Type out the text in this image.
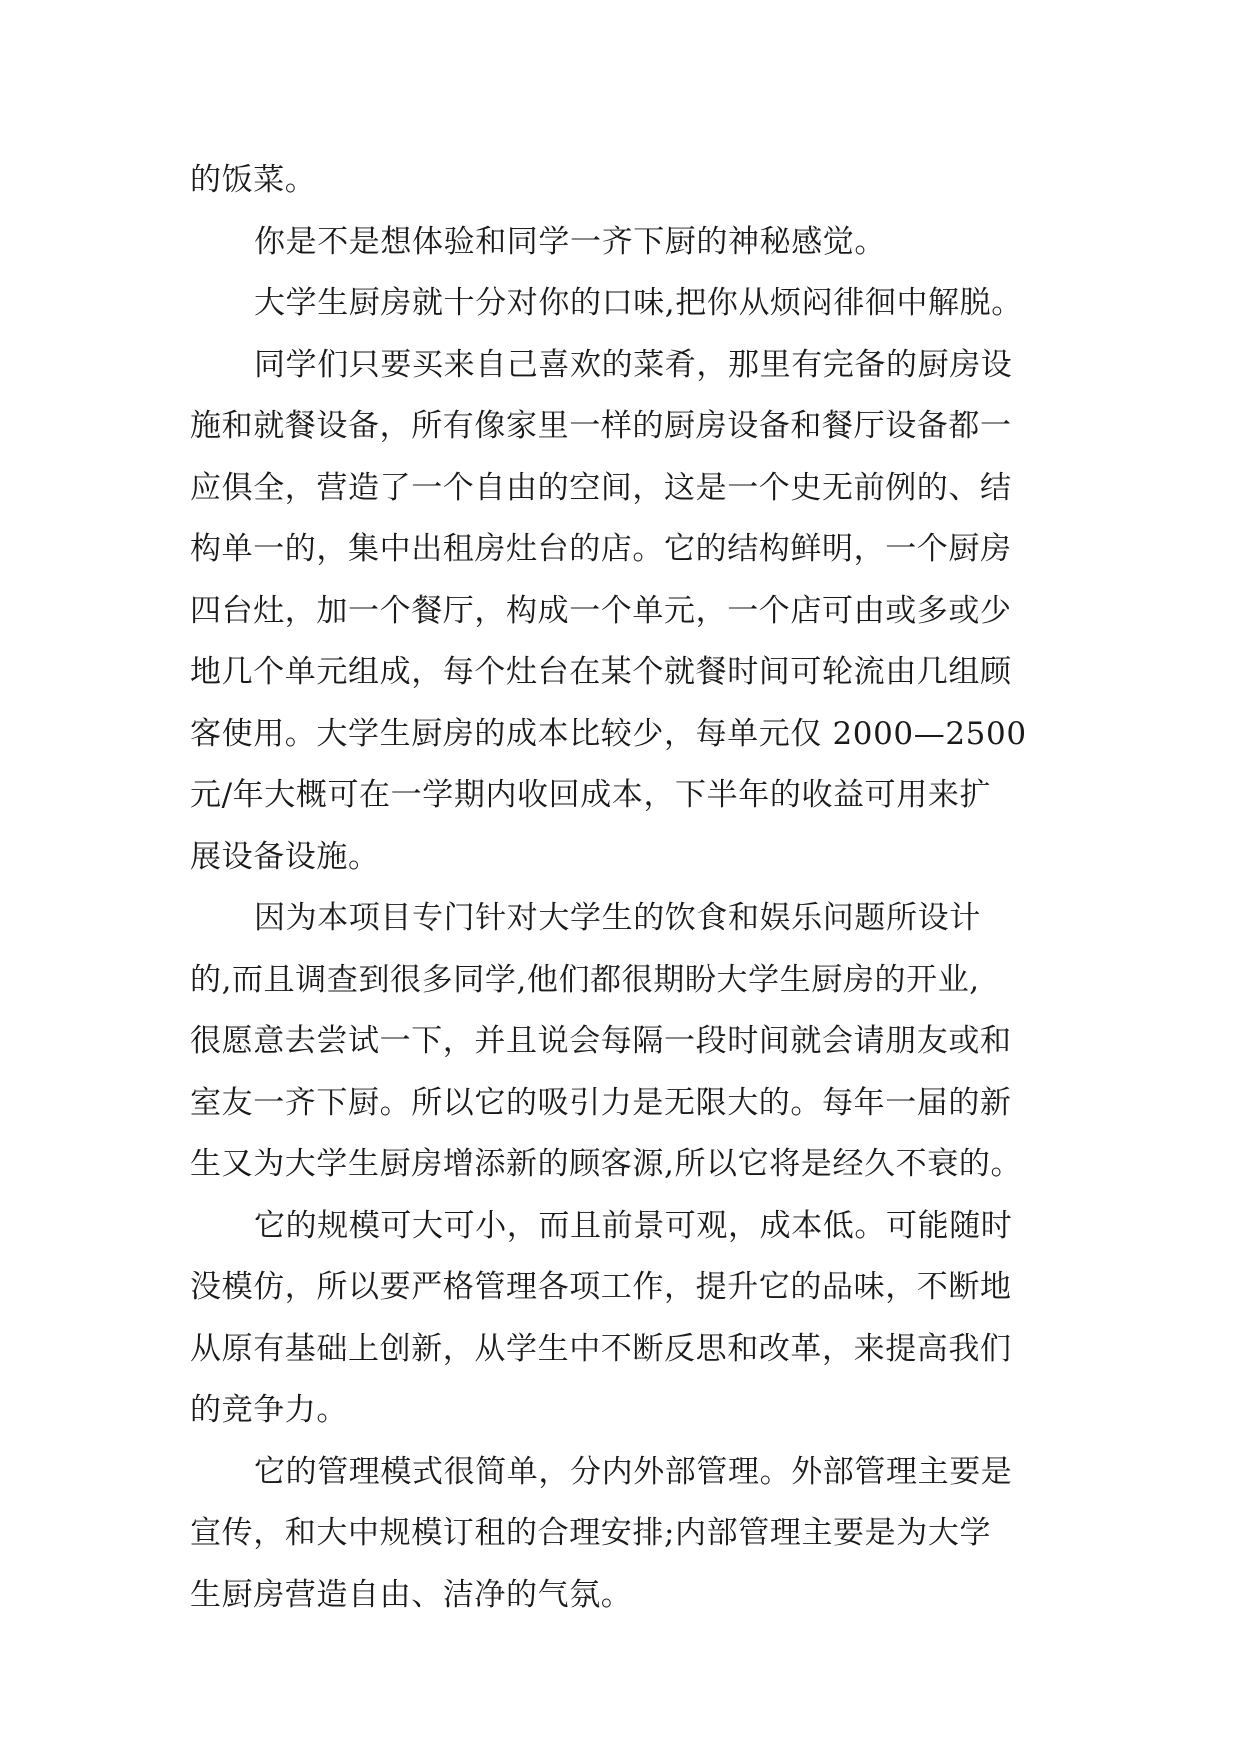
的饭菜。
你是不是想体验和同学一齐下厨的神秘感觉。
大学生厨房就十分对你的口味,把你从烦闷徘徊中解脱。
同学们只要买来自己喜欢的菜肴，那里有完备的厨房设
施和就餐设备，所有像家里一样的厨房设备和餐厅设备都一
应俱全，营造了一个自由的空间，这是一个史无前例的、结
构单一的，集中出租房灶台的店。它的结构鲜明，一个厨房
四台灶，加一个餐厅，构成一个单元，一个店可由或多或少
地几个单元组成，每个灶台在某个就餐时间可轮流由几组顾
客使用。大学生厨房的成本比较少，每单元仅 2000—2500
元/年大概可在一学期内收回成本，下半年的收益可用来扩
展设备设施。
因为本项目专门针对大学生的饮食和娱乐问题所设计
的,而且调查到很多同学,他们都很期盼大学生厨房的开业,
很愿意去尝试一下，并且说会每隔一段时间就会请朋友或和
室友一齐下厨。所以它的吸引力是无限大的。每年一届的新
生又为大学生厨房增添新的顾客源,所以它将是经久不衰的。
它的规模可大可小，而且前景可观，成本低。可能随时
没模仿，所以要严格管理各项工作，提升它的品味，不断地
从原有基础上创新，从学生中不断反思和改革，来提高我们
的竞争力。
它的管理模式很简单，分内外部管理。外部管理主要是
宣传，和大中规模订租的合理安排;内部管理主要是为大学
生厨房营造自由、洁净的气氛。
